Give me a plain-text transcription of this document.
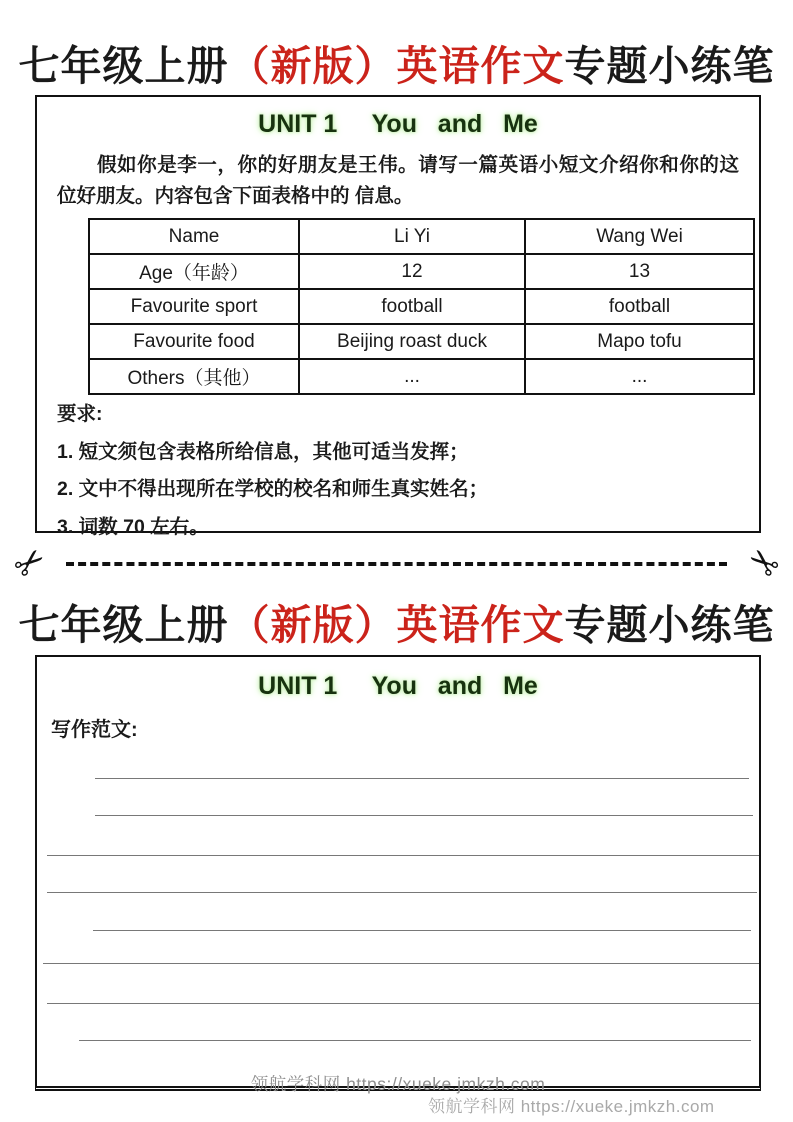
七年级上册（新版）英语作文专题小练笔
UNIT 1     You   and   Me

假如你是李一，你的好朋友是王伟。请写一篇英语小短文介绍你和你的这位好朋友。内容包含下面表格中的 信息。

Name	Li Yi	Wang Wei
Age（年龄）	12	13
Favourite sport	football	football
Favourite food	Beijing roast duck	Mapo tofu
Others（其他）	...	...
要求:
1. 短文须包含表格所给信息，其他可适当发挥；
2. 文中不得出现所在学校的校名和师生真实姓名；
3. 词数 70 左右。
✂	✂
七年级上册（新版）英语作文专题小练笔
UNIT 1     You   and   Me
写作范文:
领航学科网 https://xueke.jmkzh.com
领航学科网 https://xueke.jmkzh.com
